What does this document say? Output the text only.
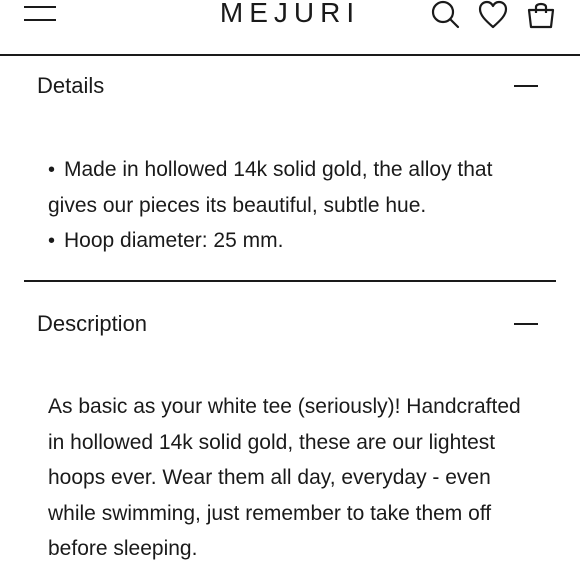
MEJURI
Details
• Made in hollowed 14k solid gold, the alloy that gives our pieces its beautiful, subtle hue.
• Hoop diameter: 25 mm.
Description

As basic as your white tee (seriously)! Handcrafted in hollowed 14k solid gold, these are our lightest hoops ever. Wear them all day, everyday - even while swimming, just remember to take them off before sleeping.
